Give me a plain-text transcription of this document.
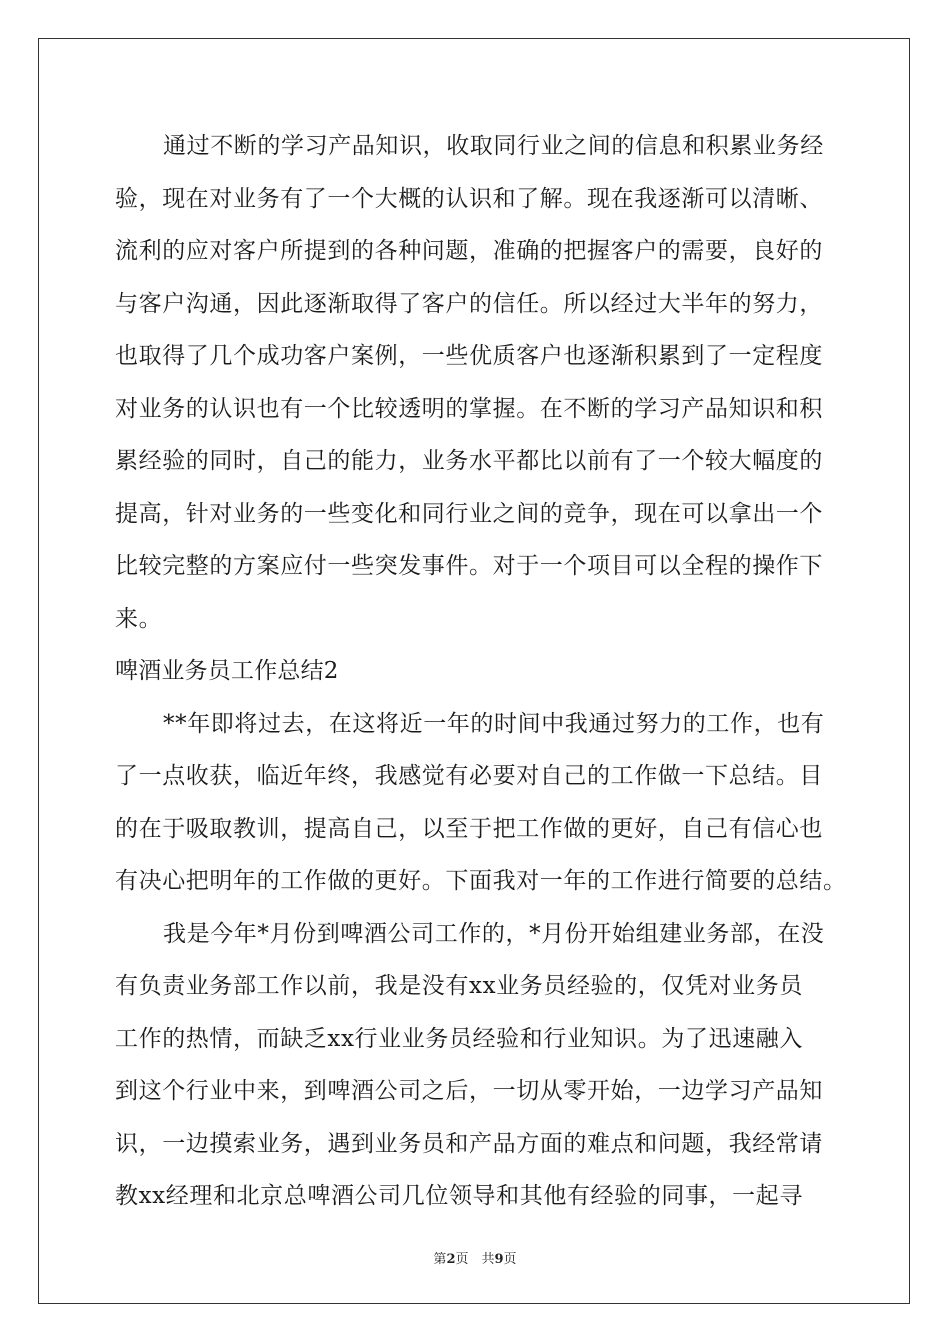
通过不断的学习产品知识，收取同行业之间的信息和积累业务经
验，现在对业务有了一个大概的认识和了解。现在我逐渐可以清晰、
流利的应对客户所提到的各种问题，准确的把握客户的需要，良好的
与客户沟通，因此逐渐取得了客户的信任。所以经过大半年的努力，
也取得了几个成功客户案例，一些优质客户也逐渐积累到了一定程度
对业务的认识也有一个比较透明的掌握。在不断的学习产品知识和积
累经验的同时，自己的能力，业务水平都比以前有了一个较大幅度的
提高，针对业务的一些变化和同行业之间的竞争，现在可以拿出一个
比较完整的方案应付一些突发事件。对于一个项目可以全程的操作下
来。
啤酒业务员工作总结2
**年即将过去，在这将近一年的时间中我通过努力的工作，也有
了一点收获，临近年终，我感觉有必要对自己的工作做一下总结。目
的在于吸取教训，提高自己，以至于把工作做的更好，自己有信心也
有决心把明年的工作做的更好。下面我对一年的工作进行简要的总结。
我是今年*月份到啤酒公司工作的，*月份开始组建业务部，在没
有负责业务部工作以前，我是没有xx业务员经验的，仅凭对业务员
工作的热情，而缺乏xx行业业务员经验和行业知识。为了迅速融入
到这个行业中来，到啤酒公司之后，一切从零开始，一边学习产品知
识，一边摸索业务，遇到业务员和产品方面的难点和问题，我经常请
教xx经理和北京总啤酒公司几位领导和其他有经验的同事，一起寻
第2页　共9页
